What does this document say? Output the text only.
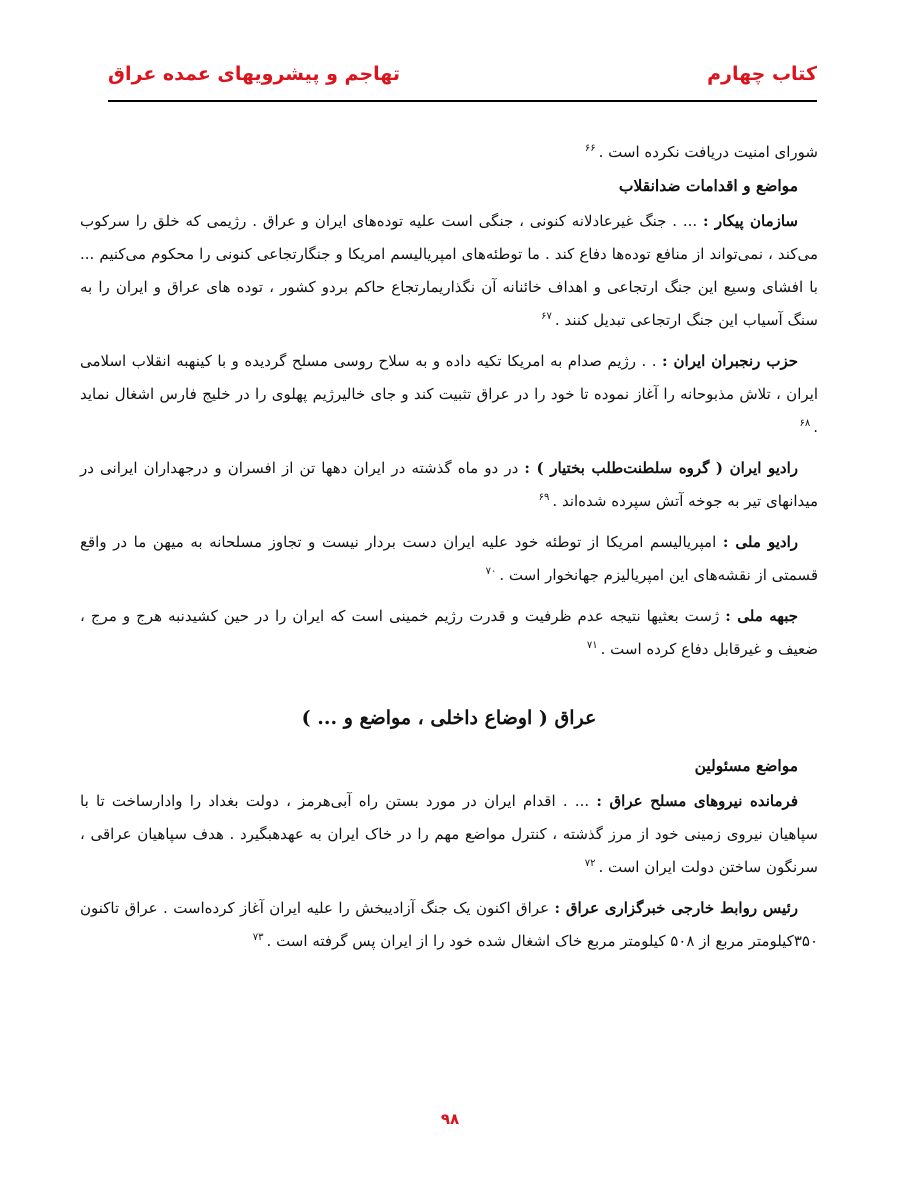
کتاب چهارم
تهاجم و پیشرویهای عمده عراق

شورای امنیت دریافت نکرده است .$^{۶۶}$

مواضع و اقدامات ضدانقلاب

سازمان پیکار : ... . جنگ غیرعادلانه کنونی ، جنگی است علیه توده‌های ایران و عراق . رژیمی که خلق را سرکوب می‌کند ، نمی‌تواند از منافع توده‌ها دفاع کند . ما توطئه‌های امپریالیسم امریکا و جنگارتجاعی کنونی را محکوم می‌کنیم ... با افشای وسیع این جنگ ارتجاعی و اهداف خائنانه آن نگذاریمارتجاع حاکم بردو کشور ، توده های عراق و ایران را به سنگ آسیاب این جنگ ارتجاعی تبدیل کنند .$^{۶۷}$

حزب رنجبران ایران : . . رژیم صدام به امریکا تکیه داده و به سلاح روسی مسلح گردیده و با کینهبه انقلاب اسلامی ایران ، تلاش مذبوحانه را آغاز نموده تا خود را در عراق تثبیت کند و جای خالیرژیم پهلوی را در خلیج فارس اشغال نماید .$^{۶۸}$

رادیو ایران ( گروه سلطنت‌طلب بختیار ) : در دو ماه گذشته در ایران دهها تن از افسران و درجهداران ایرانی در میدانهای تیر به جوخه آتش سپرده شده‌اند .$^{۶۹}$

رادیو ملی : امپریالیسم امریکا از توطئه خود علیه ایران دست بردار نیست و تجاوز مسلحانه به میهن ما در واقع قسمتی از نقشه‌های این امپریالیزم جهانخوار است .$^{۷۰}$

جبهه ملی : ژست بعثیها نتیجه عدم ظرفیت و قدرت رژیم خمینی است که ایران را در حین کشیدنبه هرج و مرج ، ضعیف و غیرقابل دفاع کرده است .$^{۷۱}$

عراق ( اوضاع داخلی ، مواضع و ... )
مواضع مسئولین

فرمانده نیروهای مسلح عراق : ... . اقدام ایران در مورد بستن راه آبی‌هرمز ، دولت بغداد را وادارساخت تا با سپاهیان نیروی زمینی خود از مرز گذشته ، کنترل مواضع مهم را در خاک ایران به عهدهبگیرد . هدف سپاهیان عراقی ، سرنگون ساختن دولت ایران است .$^{۷۲}$

رئیس روابط خارجی خبرگزاری عراق : عراق اکنون یک جنگ آزادیبخش را علیه ایران آغاز کرده‌است . عراق تاکنون ۳۵۰کیلومتر مربع از ۵۰۸ کیلومتر مربع خاک اشغال شده خود را از ایران پس گرفته است .$^{۷۳}$

۹۸
